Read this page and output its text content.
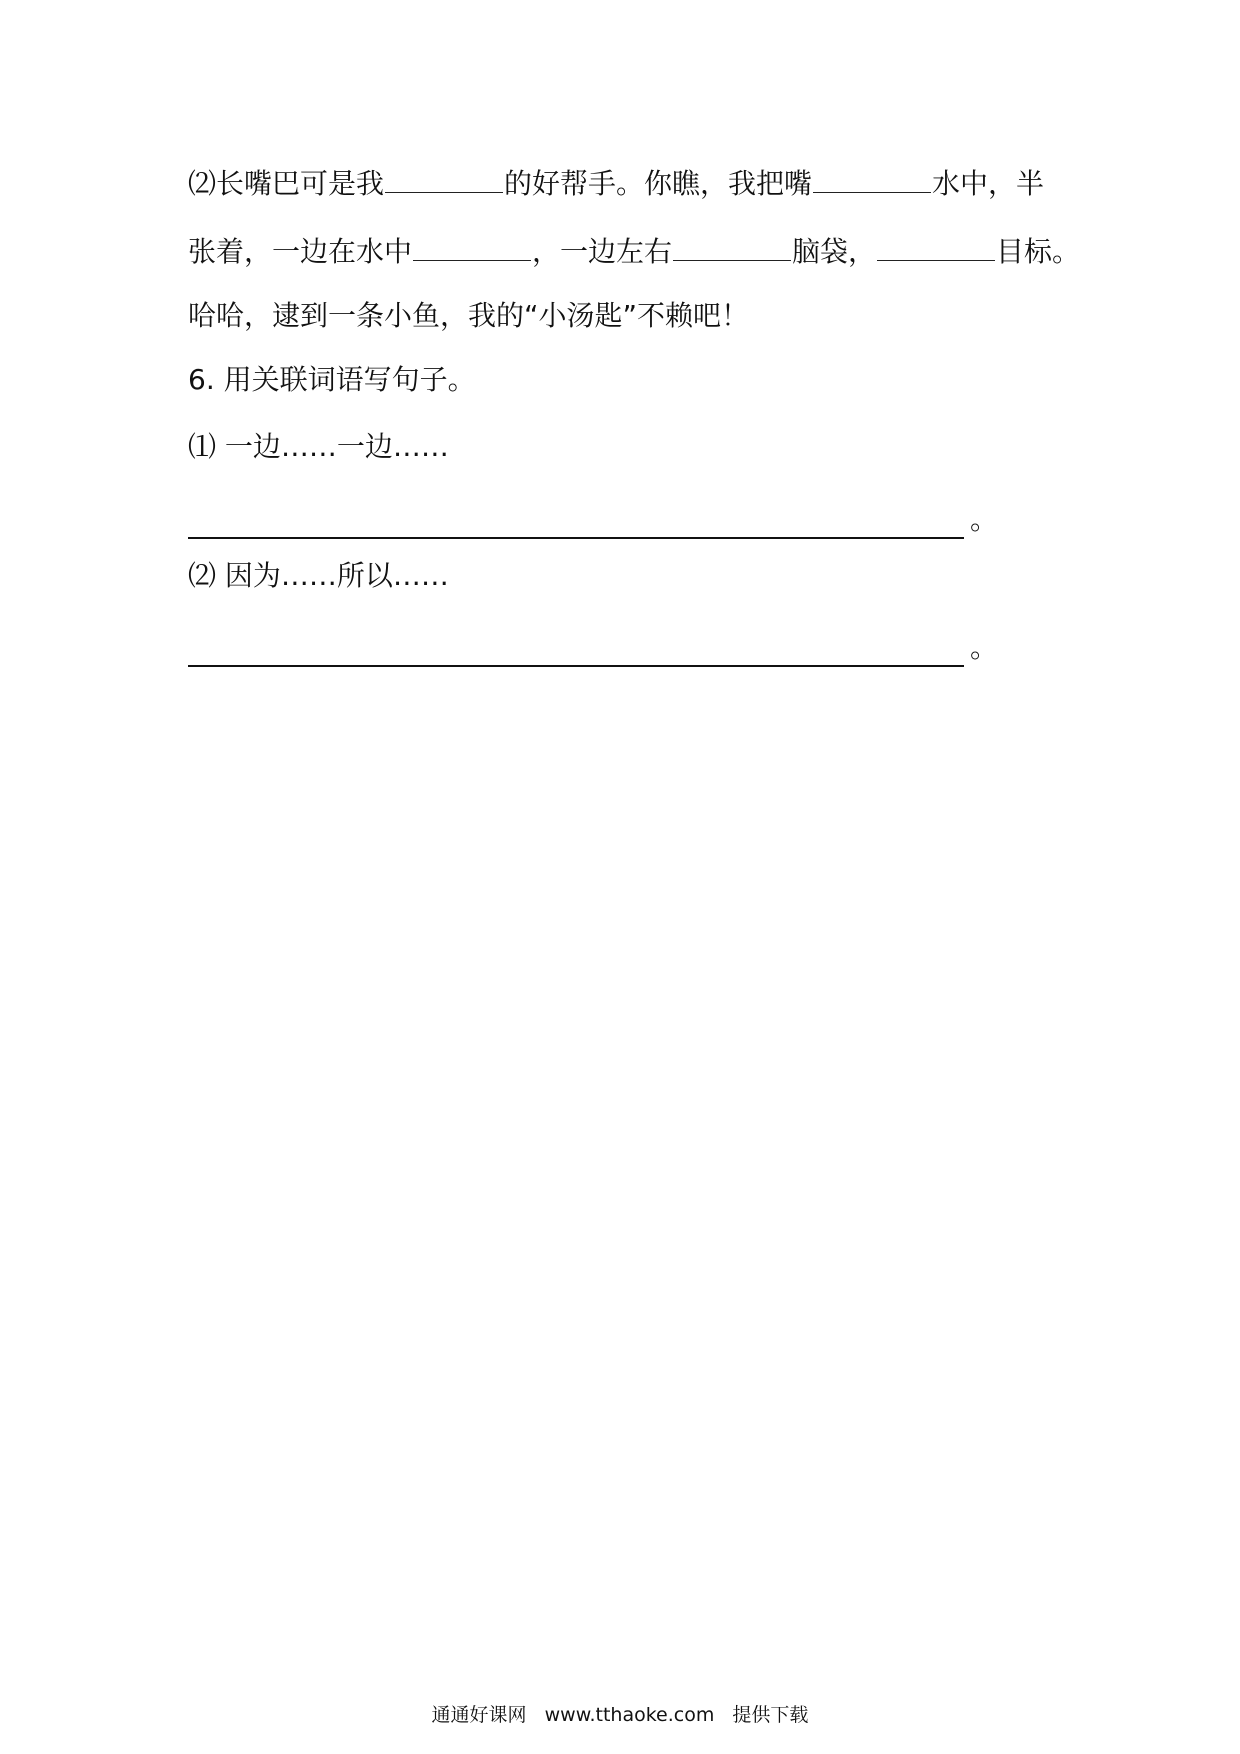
⑵长嘴巴可是我	的好帮手。你瞧，我把嘴	水中，半
张着，一边在水中	，一边左右	脑袋，	目标。
哈哈，逮到一条小鱼，我的“小汤匙”不赖吧！
6. 用关联词语写句子。
⑴ 一边……一边……
。
⑵ 因为……所以……
。
通通好课网 www.tthaoke.com 提供下载
